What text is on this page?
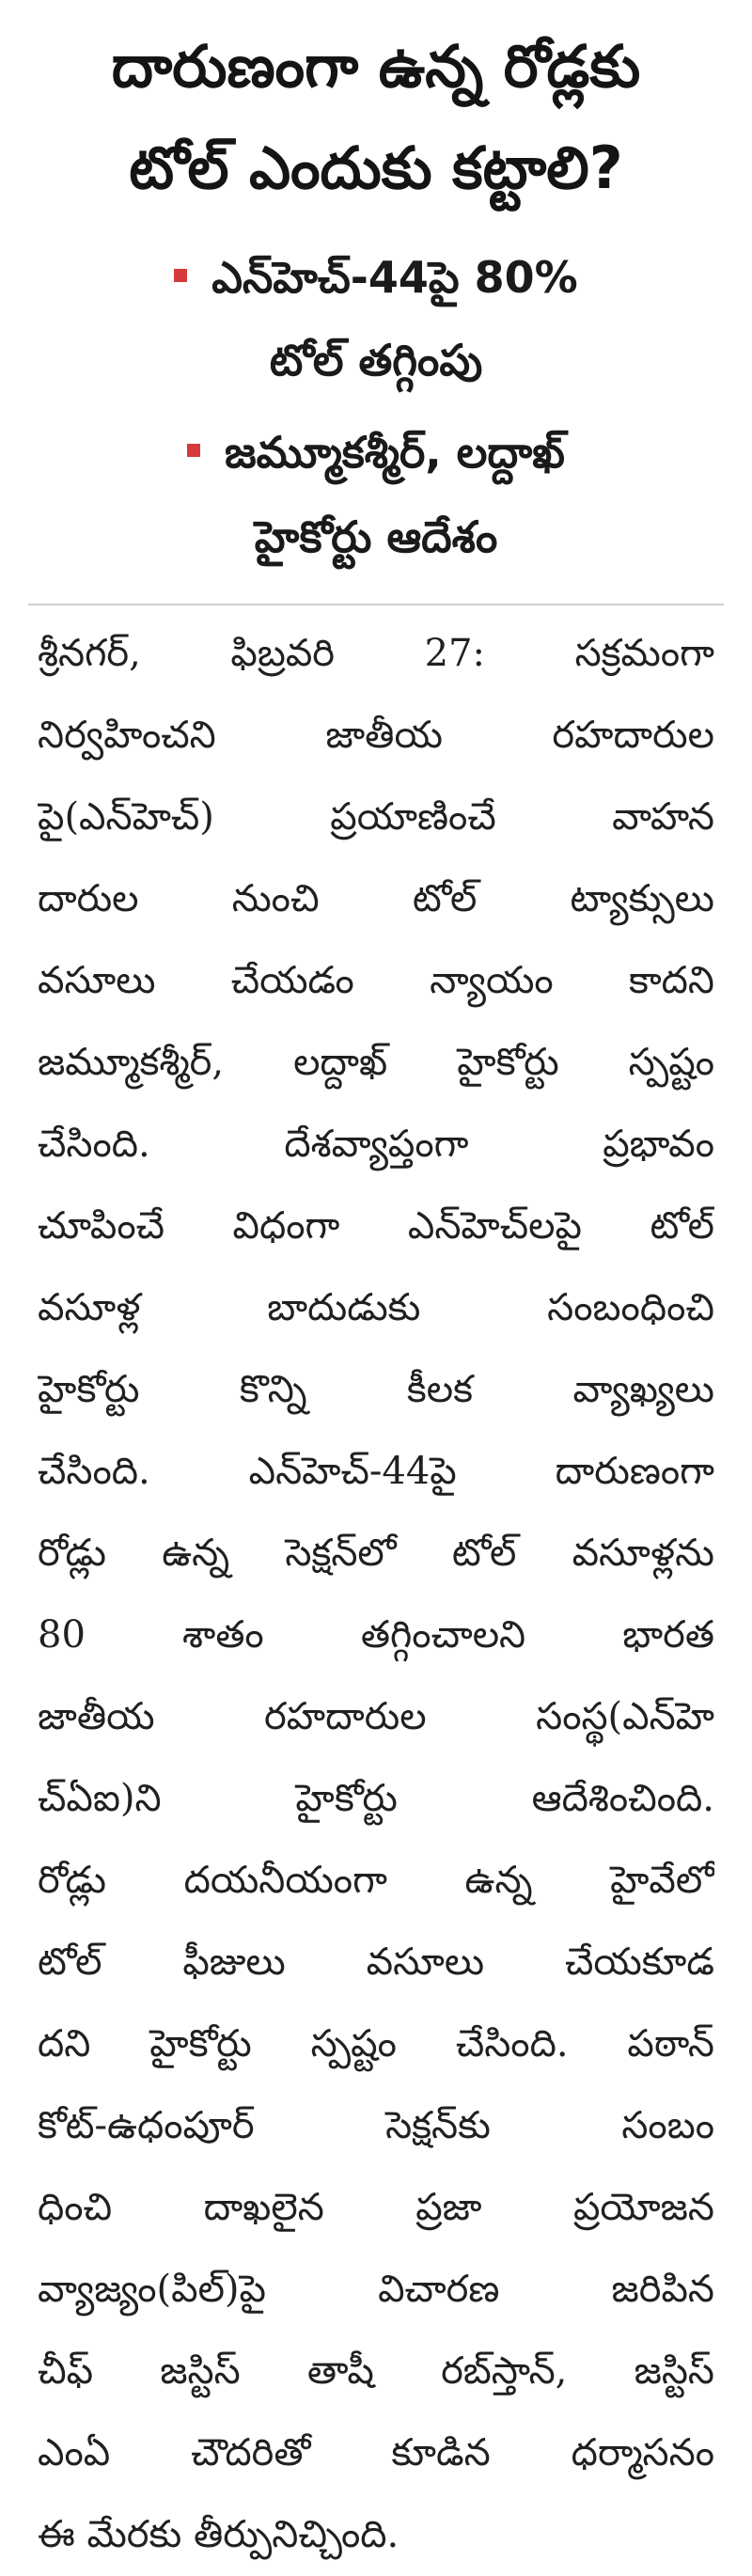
దారుణంగా ఉన్న రోడ్లకు
టోల్ ఎందుకు కట్టాలి?
ఎన్‌హెచ్‌-44పై 80%
టోల్ తగ్గింపు
జమ్మూకశ్మీర్‌, లద్దాఖ్‌
హైకోర్టు ఆదేశం
శ్రీనగర్‌, ఫిబ్రవరి 27: సక్రమంగా
నిర్వహించని జాతీయ రహదారుల
పై(ఎన్‌హెచ్‌) ప్రయాణించే వాహన
దారుల నుంచి టోల్ ట్యాక్సులు
వసూలు చేయడం న్యాయం కాదని
జమ్మూకశ్మీర్‌, లద్దాఖ్‌ హైకోర్టు స్పష్టం
చేసింది. దేశవ్యాప్తంగా ప్రభావం
చూపించే విధంగా ఎన్‌హెచ్‌లపై టోల్
వసూళ్ల బాదుడుకు సంబంధించి
హైకోర్టు కొన్ని కీలక వ్యాఖ్యలు
చేసింది. ఎన్‌హెచ్‌-44పై దారుణంగా
రోడ్లు ఉన్న సెక్షన్‌లో టోల్ వసూళ్లను
80 శాతం తగ్గించాలని భారత
జాతీయ రహదారుల సంస్థ(ఎన్‌హె
చ్‌ఏఐ)ని హైకోర్టు ఆదేశించింది.
రోడ్లు దయనీయంగా ఉన్న హైవేలో
టోల్ ఫీజులు వసూలు చేయకూడ
దని హైకోర్టు స్పష్టం చేసింది. పఠాన్‌
కోట్‌-ఉధంపూర్‌ సెక్షన్‌కు సంబం
ధించి దాఖలైన ప్రజా ప్రయోజన
వ్యాజ్యం(పిల్‌)పై విచారణ జరిపిన
చీఫ్‌ జస్టిస్‌ తాషీ రబ్‌స్తాన్‌, జస్టిస్‌
ఎంఏ చౌదరితో కూడిన ధర్మాసనం
ఈ మేరకు తీర్పునిచ్చింది.
